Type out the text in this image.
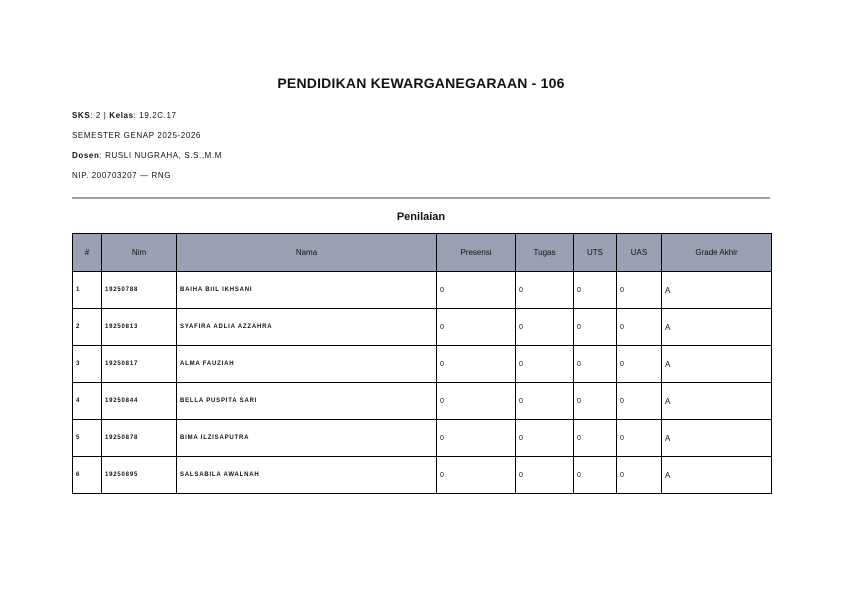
PENDIDIKAN KEWARGANEGARAAN - 106
SKS: 2 | Kelas: 19.2C.17
SEMESTER GENAP 2025-2026
Dosen: RUSLI NUGRAHA, S.S.,M.M
NIP. 200703207 — RNG
Penilaian
#	Nim	Nama	Presensi	Tugas	UTS	UAS	Grade Akhir
1	19250788	BAIHA BIIL IKHSANI	0	0	0	0	A
2	19250813	SYAFIRA ADLIA AZZAHRA	0	0	0	0	A
3	19250817	ALMA FAUZIAH	0	0	0	0	A
4	19250844	BELLA PUSPITA SARI	0	0	0	0	A
5	19250878	BIMA ILZISAPUTRA	0	0	0	0	A
6	19250895	SALSABILA AWALNAH	0	0	0	0	A
